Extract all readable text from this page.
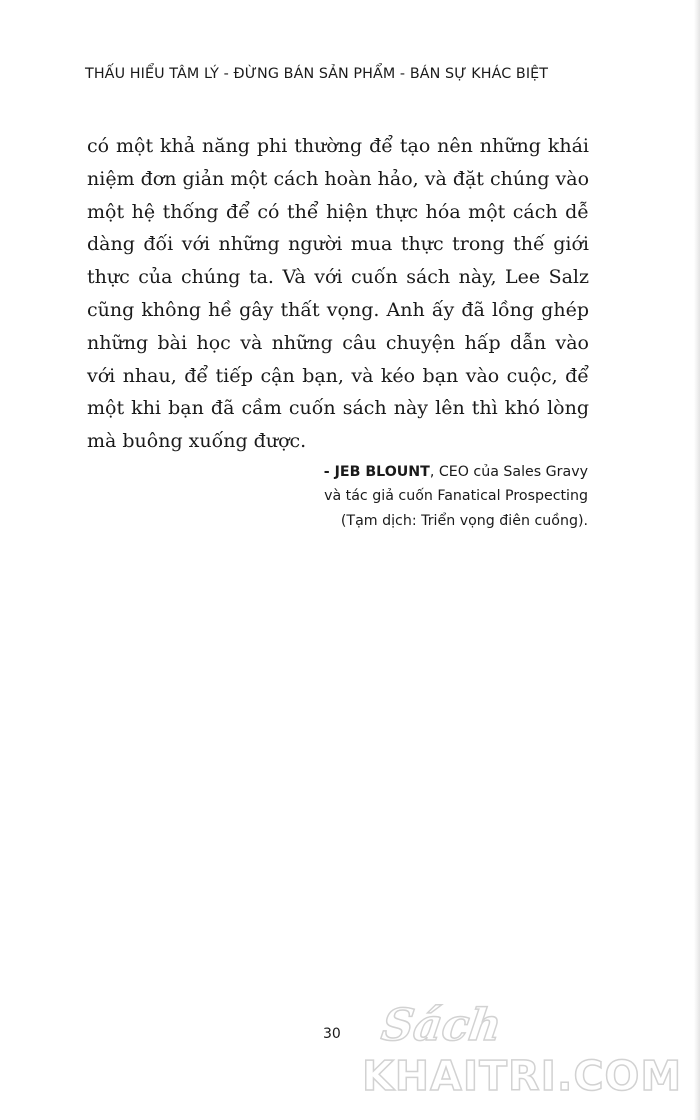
THẤU HIỂU TÂM LÝ - ĐỪNG BÁN SẢN PHẨM - BÁN SỰ KHÁC BIỆT
có một khả năng phi thường để tạo nên những khái
niệm đơn giản một cách hoàn hảo, và đặt chúng vào
một hệ thống để có thể hiện thực hóa một cách dễ
dàng đối với những người mua thực trong thế giới
thực của chúng ta. Và với cuốn sách này, Lee Salz
cũng không hề gây thất vọng. Anh ấy đã lồng ghép
những bài học và những câu chuyện hấp dẫn vào
với nhau, để tiếp cận bạn, và kéo bạn vào cuộc, để
một khi bạn đã cầm cuốn sách này lên thì khó lòng
mà buông xuống được.
- JEB BLOUNT, CEO của Sales Gravy
và tác giả cuốn Fanatical Prospecting
(Tạm dịch: Triển vọng điên cuồng).
30 Sách
KHAITRI.COM
